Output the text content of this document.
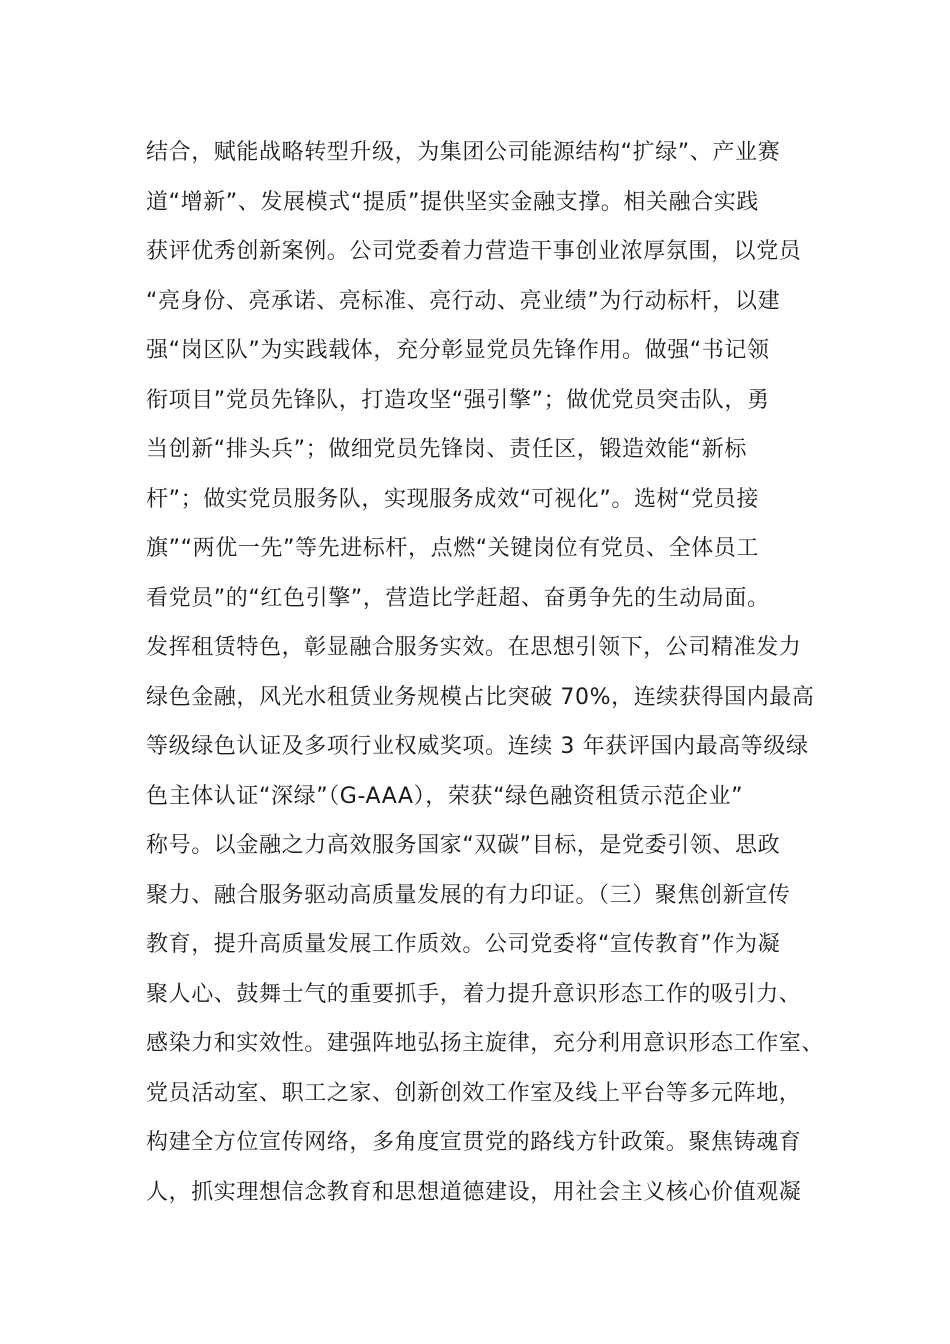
结合，赋能战略转型升级，为集团公司能源结构“扩绿”、产业赛
道“增新”、发展模式“提质”提供坚实金融支撑。相关融合实践
获评优秀创新案例。公司党委着力营造干事创业浓厚氛围，以党员
“亮身份、亮承诺、亮标准、亮行动、亮业绩”为行动标杆，以建
强“岗区队”为实践载体，充分彰显党员先锋作用。做强“书记领
衔项目”党员先锋队，打造攻坚“强引擎”；做优党员突击队，勇
当创新“排头兵”；做细党员先锋岗、责任区，锻造效能“新标
杆”；做实党员服务队，实现服务成效“可视化”。选树“党员接
旗”“两优一先”等先进标杆，点燃“关键岗位有党员、全体员工
看党员”的“红色引擎”，营造比学赶超、奋勇争先的生动局面。
发挥租赁特色，彰显融合服务实效。在思想引领下，公司精准发力
绿色金融，风光水租赁业务规模占比突破 70%，连续获得国内最高
等级绿色认证及多项行业权威奖项。连续 3 年获评国内最高等级绿
色主体认证“深绿”（G-AAA），荣获“绿色融资租赁示范企业”
称号。以金融之力高效服务国家“双碳”目标，是党委引领、思政
聚力、融合服务驱动高质量发展的有力印证。（三）聚焦创新宣传
教育，提升高质量发展工作质效。公司党委将“宣传教育”作为凝
聚人心、鼓舞士气的重要抓手，着力提升意识形态工作的吸引力、
感染力和实效性。建强阵地弘扬主旋律，充分利用意识形态工作室、
党员活动室、职工之家、创新创效工作室及线上平台等多元阵地，
构建全方位宣传网络，多角度宣贯党的路线方针政策。聚焦铸魂育
人，抓实理想信念教育和思想道德建设，用社会主义核心价值观凝
